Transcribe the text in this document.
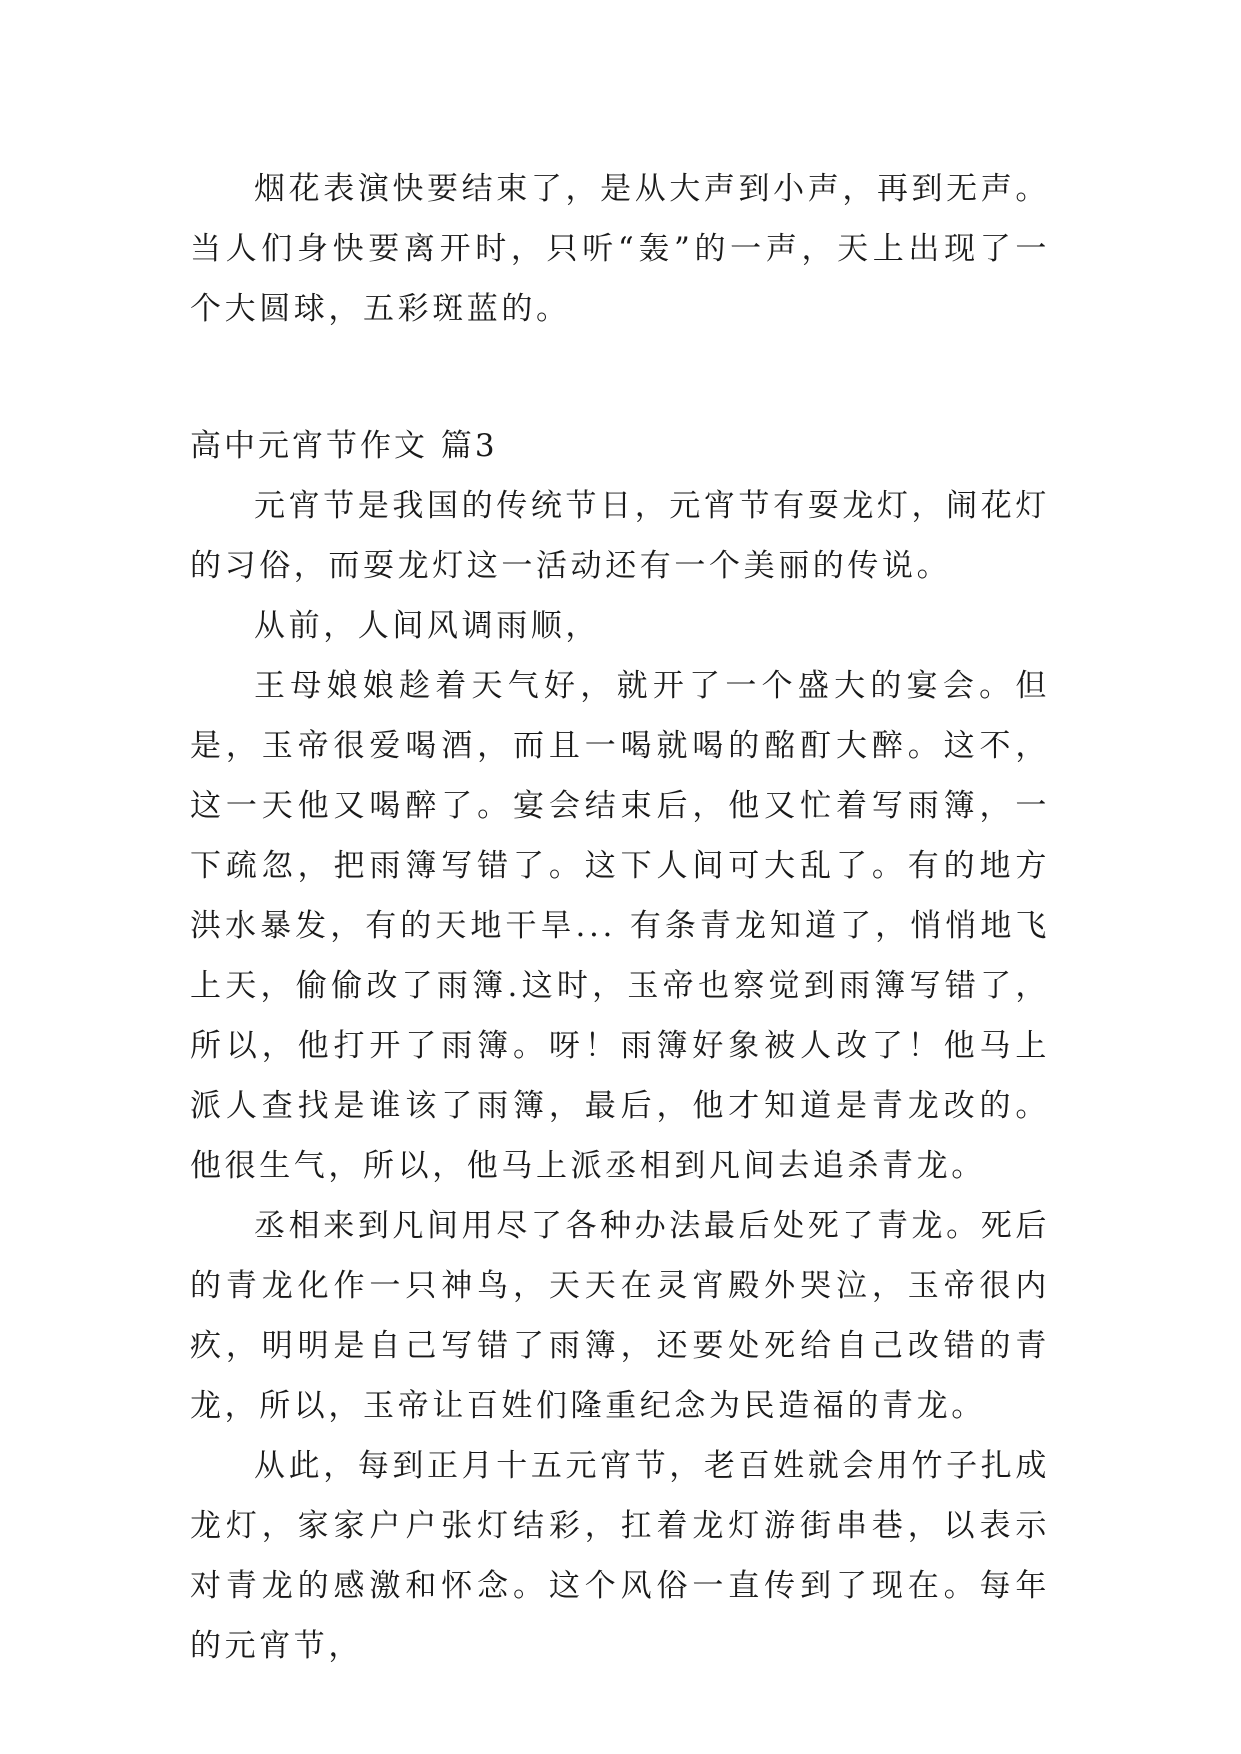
烟花表演快要结束了，是从大声到小声，再到无声。当人们身快要离开时，只听“轰”的一声，天上出现了一个大圆球，五彩斑蓝的。

高中元宵节作文 篇3

元宵节是我国的传统节日，元宵节有耍龙灯，闹花灯的习俗，而耍龙灯这一活动还有一个美丽的传说。

从前，人间风调雨顺，

王母娘娘趁着天气好，就开了一个盛大的宴会。但是，玉帝很爱喝酒，而且一喝就喝的酩酊大醉。这不，这一天他又喝醉了。宴会结束后，他又忙着写雨簿，一下疏忽，把雨簿写错了。这下人间可大乱了。有的地方洪水暴发，有的天地干旱... 有条青龙知道了，悄悄地飞上天，偷偷改了雨簿.这时，玉帝也察觉到雨簿写错了，所以，他打开了雨簿。呀！雨簿好象被人改了！他马上派人查找是谁该了雨簿，最后，他才知道是青龙改的。他很生气，所以，他马上派丞相到凡间去追杀青龙。

丞相来到凡间用尽了各种办法最后处死了青龙。死后的青龙化作一只神鸟，天天在灵宵殿外哭泣，玉帝很内疚，明明是自己写错了雨簿，还要处死给自己改错的青龙，所以，玉帝让百姓们隆重纪念为民造福的青龙。

从此，每到正月十五元宵节，老百姓就会用竹子扎成龙灯，家家户户张灯结彩，扛着龙灯游街串巷，以表示对青龙的感激和怀念。这个风俗一直传到了现在。每年的元宵节，
